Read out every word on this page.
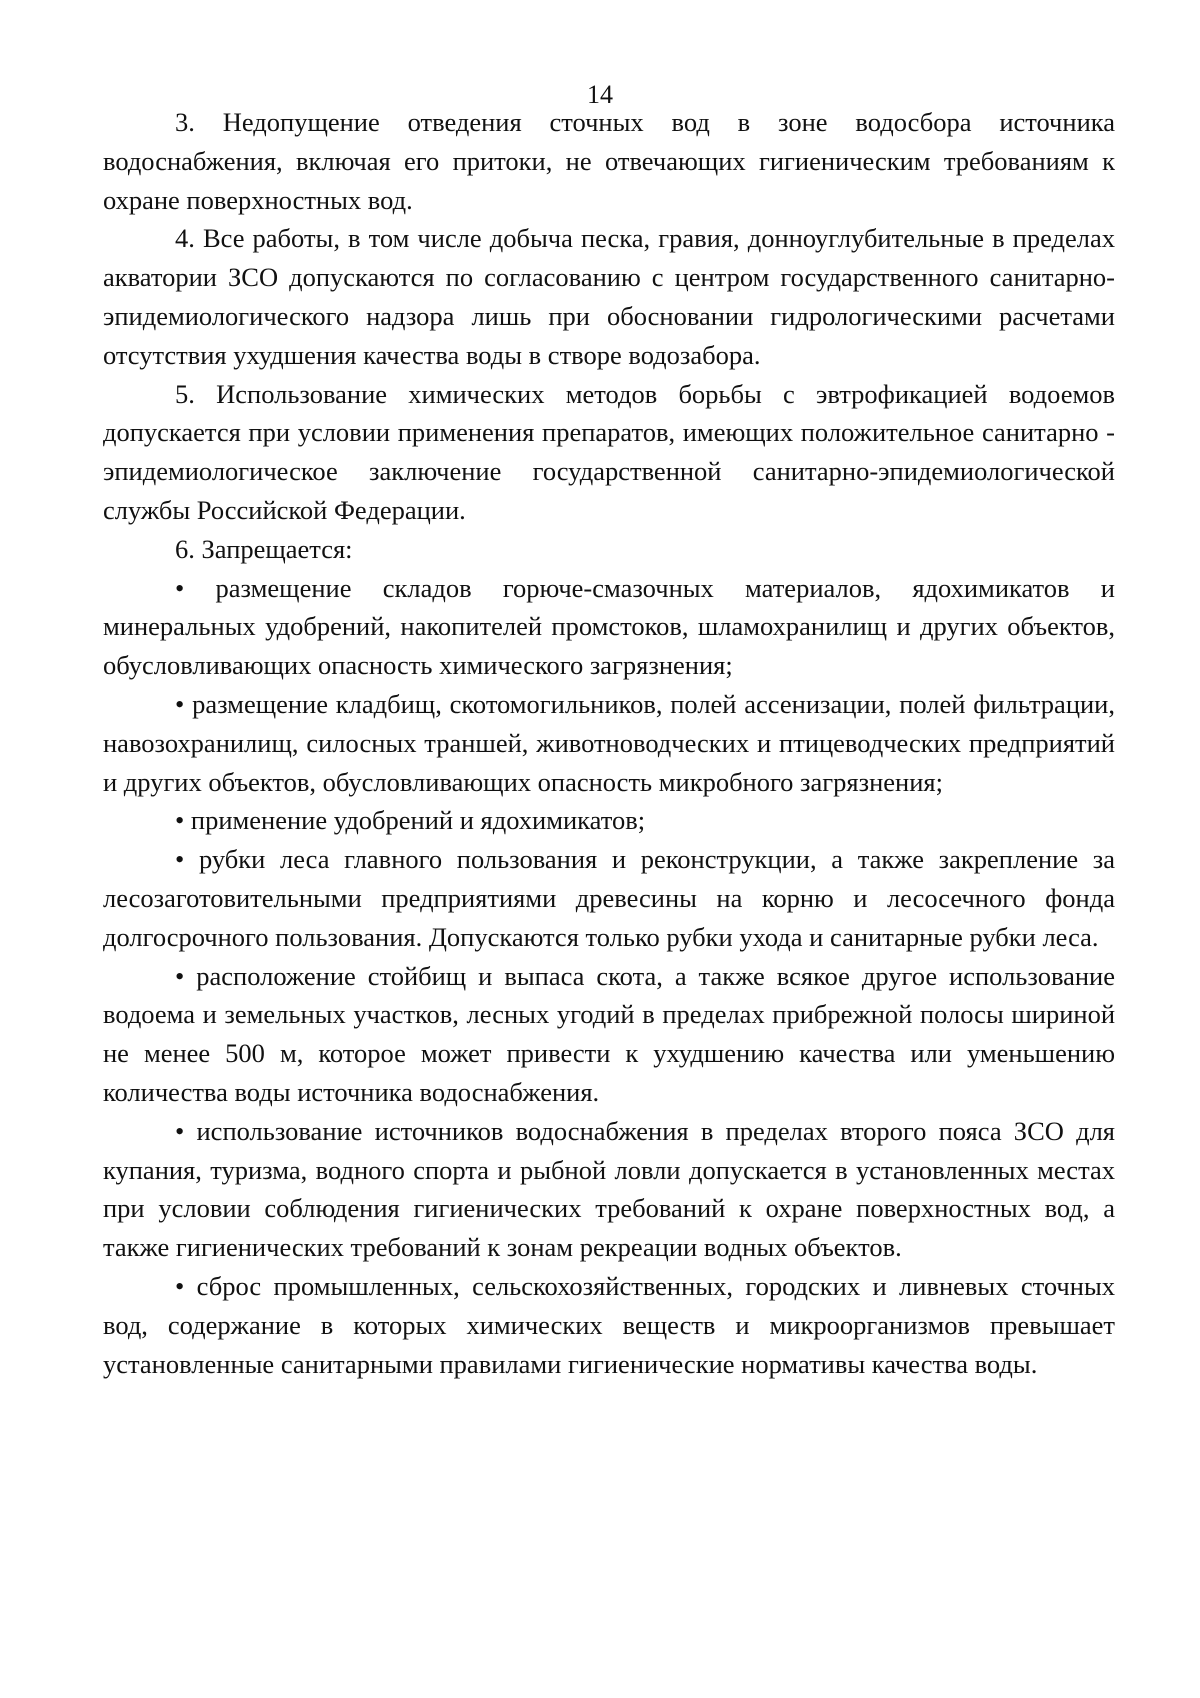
14

3. Недопущение отведения сточных вод в зоне водосбора источника водоснабжения, включая его притоки, не отвечающих гигиеническим требованиям к охране поверхностных вод.

4. Все работы, в том числе добыча песка, гравия, донноуглубительные в пределах акватории ЗСО допускаются по согласованию с центром государственного санитарно-эпидемиологического надзора лишь при обосновании гидрологическими расчетами отсутствия ухудшения качества воды в створе водозабора.

5. Использование химических методов борьбы с эвтрофикацией водоемов допускается при условии применения препаратов, имеющих положительное санитарно - эпидемиологическое заключение государственной санитарно-эпидемиологической службы Российской Федерации.

6. Запрещается:

• размещение складов горюче-смазочных материалов, ядохимикатов и минеральных удобрений, накопителей промстоков, шламохранилищ и других объектов, обусловливающих опасность химического загрязнения;

• размещение кладбищ, скотомогильников, полей ассенизации, полей фильтрации, навозохранилищ, силосных траншей, животноводческих и птицеводческих предприятий и других объектов, обусловливающих опасность микробного загрязнения;

• применение удобрений и ядохимикатов;

• рубки леса главного пользования и реконструкции, а также закрепление за лесозаготовительными предприятиями древесины на корню и лесосечного фонда долгосрочного пользования. Допускаются только рубки ухода и санитарные рубки леса.

• расположение стойбищ и выпаса скота, а также всякое другое использование водоема и земельных участков, лесных угодий в пределах прибрежной полосы шириной не менее 500 м, которое может привести к ухудшению качества или уменьшению количества воды источника водоснабжения.

• использование источников водоснабжения в пределах второго пояса ЗСО для купания, туризма, водного спорта и рыбной ловли допускается в установленных местах при условии соблюдения гигиенических требований к охране поверхностных вод, а также гигиенических требований к зонам рекреации водных объектов.

• сброс промышленных, сельскохозяйственных, городских и ливневых сточных вод, содержание в которых химических веществ и микроорганизмов превышает установленные санитарными правилами гигиенические нормативы качества воды.
